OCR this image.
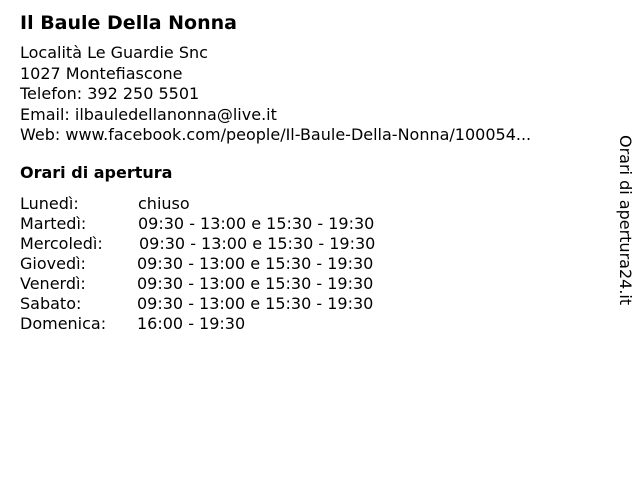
Il Baule Della Nonna
Località Le Guardie Snc
1027 Montefiascone
Telefon: 392 250 5501
Email: ilbauledellanonna@live.it
Web: www.facebook.com/people/Il-Baule-Della-Nonna/100054...
Orari di apertura
Lunedì:	chiuso
Martedì:	09:30 - 13:00 e 15:30 - 19:30
Mercoledì: 09:30 - 13:00 e 15:30 - 19:30
Giovedì:	09:30 - 13:00 e 15:30 - 19:30
Venerdì:	09:30 - 13:00 e 15:30 - 19:30
Sabato:	09:30 - 13:00 e 15:30 - 19:30
Domenica: 16:00 - 19:30
Orari di apertura24.it
